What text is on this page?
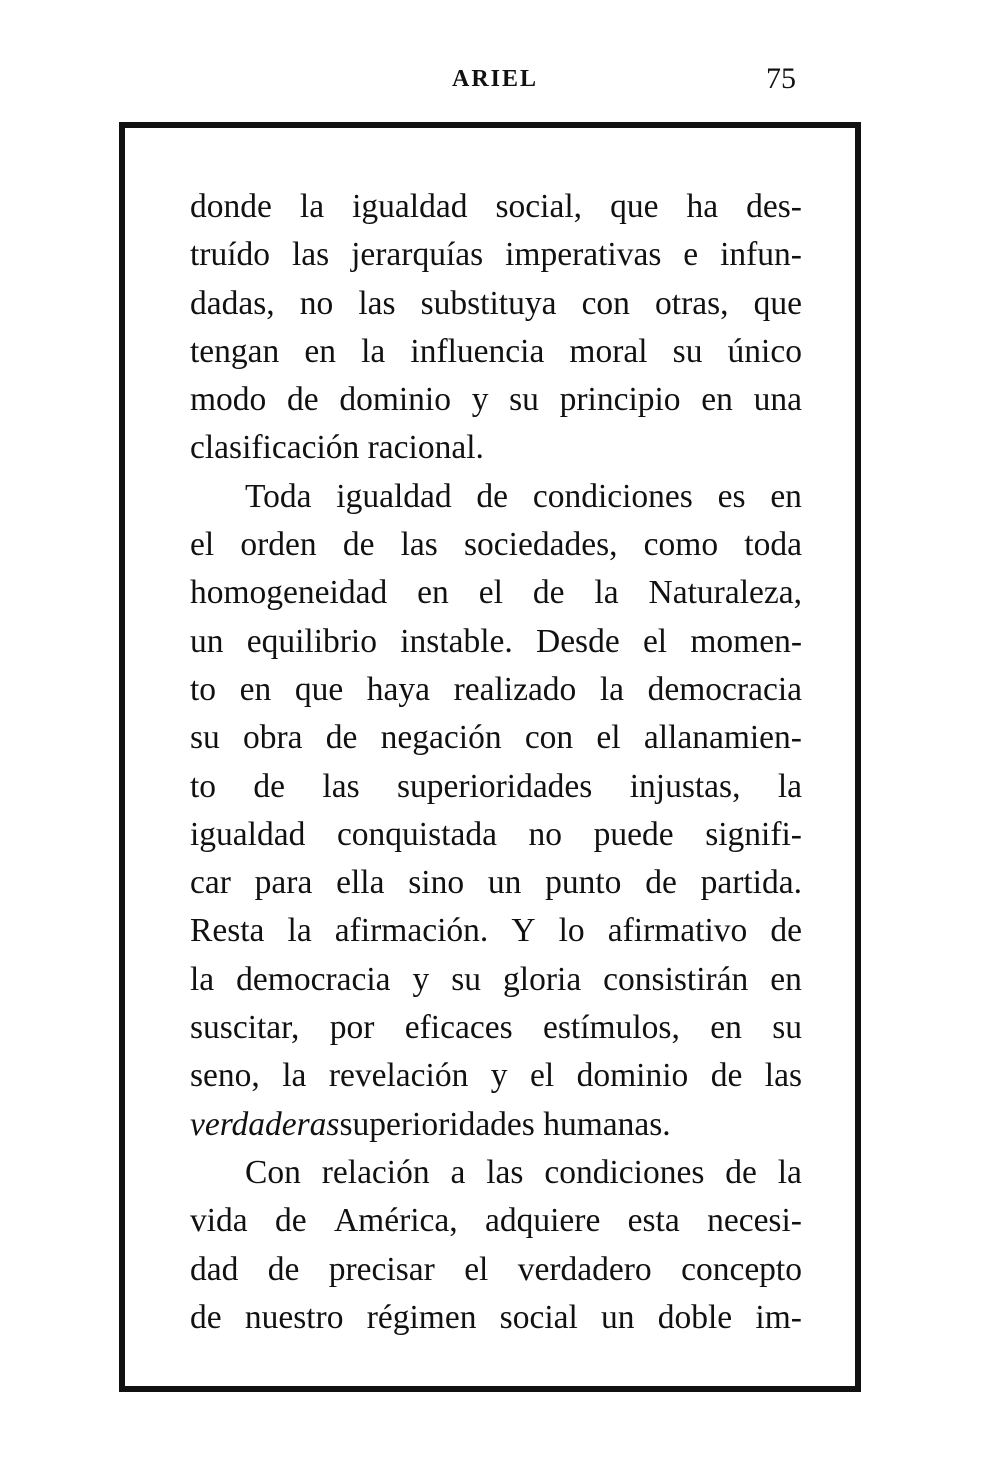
ARIEL	75
donde la igualdad social, que ha des-
truído las jerarquías imperativas e infun-
dadas, no las substituya con otras, que
tengan en la influencia moral su único
modo de dominio y su principio en una
clasificación racional.
Toda igualdad de condiciones es en
el orden de las sociedades, como toda
homogeneidad en el de la Naturaleza,
un equilibrio instable. Desde el momen-
to en que haya realizado la democracia
su obra de negación con el allanamien-
to de las superioridades injustas, la
igualdad conquistada no puede signifi-
car para ella sino un punto de partida.
Resta la afirmación. Y lo afirmativo de
la democracia y su gloria consistirán en
suscitar, por eficaces estímulos, en su
seno, la revelación y el dominio de las
verdaderas superioridades humanas.
Con relación a las condiciones de la
vida de América, adquiere esta necesi-
dad de precisar el verdadero concepto
de nuestro régimen social un doble im-
